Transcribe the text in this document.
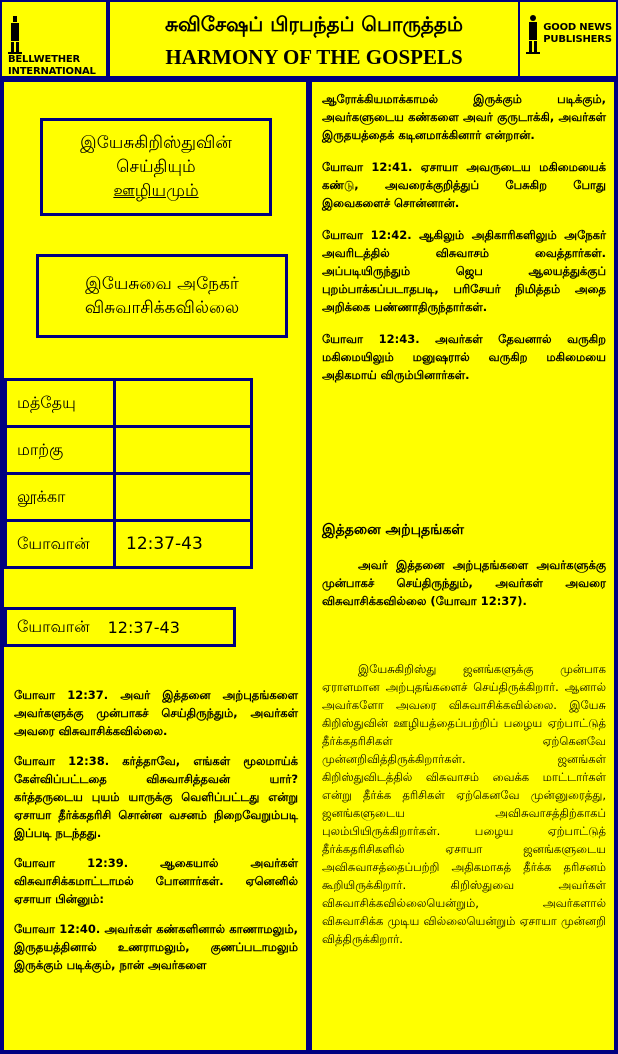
BELLWETHER
INTERNATIONAL
சுவிசேஷப் பிரபந்தப் பொருத்தம்
HARMONY OF THE GOSPELS
GOOD NEWS
PUBLISHERS
இயேசுகிறிஸ்துவின்
செய்தியும்
ஊழியமும்
இயேசுவை அநேகர்
விசுவாசிக்கவில்லை
மத்தேயு	
மாற்கு	
லூக்கா	
யோவான்	12:37-43
யோவான் 12:37-43

யோவா 12:37. அவர் இத்தனை அற்புதங்களை அவர்களுக்கு முன்பாகச் செய்திருந்தும், அவர்கள் அவரை விசுவாசிக்கவில்லை.

யோவா 12:38. கர்த்தாவே, எங்கள் மூலமாய்க் கேள்விப்பட்டதை விசுவாசித்தவன் யார்? கர்த்தருடைய புயம் யாருக்கு வெளிப்பட்டது என்று ஏசாயா தீர்க்கதரிசி சொன்ன வசனம் நிறைவேறும்படி இப்படி நடந்தது.

யோவா 12:39. ஆகையால் அவர்கள் விசுவாசிக்கமாட்டாமல் போனார்கள். ஏனெனில் ஏசாயா பின்னும்:

யோவா 12:40. அவர்கள் கண்களினால் காணாமலும், இருதயத்தினால் உணராமலும், குணப்படாமலும் இருக்கும் படிக்கும், நான் அவர்களை

ஆரோக்கியமாக்காமல் இருக்கும் படிக்கும், அவர்களுடைய கண்களை அவர் குருடாக்கி, அவர்கள் இருதயத்தைக் கடினமாக்கினார் என்றான்.

யோவா 12:41. ஏசாயா அவருடைய மகிமையைக் கண்டு, அவரைக்குறித்துப் பேசுகிற போது இவைகளைச் சொன்னான்.

யோவா 12:42. ஆகிலும் அதிகாரிகளிலும் அநேகர் அவரிடத்தில் விசுவாசம் வைத்தார்கள். அப்படியிருந்தும் ஜெப ஆலயத்துக்குப் புறம்பாக்கப்படாதபடி, பரிசேயர் நிமித்தம் அதை அறிக்கை பண்ணாதிருந்தார்கள்.

யோவா 12:43. அவர்கள் தேவனால் வருகிற மகிமையிலும் மனுஷரால் வருகிற மகிமையை அதிகமாய் விரும்பினார்கள்.

இத்தனை அற்புதங்கள்
அவர் இத்தனை அற்புதங்களை அவர்களுக்கு முன்பாகச் செய்திருந்தும், அவர்கள் அவரை விசுவாசிக்கவில்லை (யோவா 12:37).
இயேசுகிறிஸ்து ஜனங்களுக்கு முன்பாக ஏராளமான அற்புதங்களைச் செய்திருக்கிறார். ஆனால் அவர்களோ அவரை விசுவாசிக்கவில்லை. இயேசு கிறிஸ்துவின் ஊழியத்தைப்பற்றிப் பழைய ஏற்பாட்டுத் தீர்க்கதரிசிகள் ஏற்கெனவே முன்னறிவித்திருக்கிறார்கள். ஜனங்கள் கிறிஸ்துவிடத்தில் விசுவாசம் வைக்க மாட்டார்கள் என்று தீர்க்க தரிசிகள் ஏற்கெனவே முன்னுரைத்து, ஜனங்களுடைய அவிசுவாசத்திற்காகப் புலம்பியிருக்கிறார்கள். பழைய ஏற்பாட்டுத் தீர்க்கதரிசிகளில் ஏசாயா ஜனங்களுடைய அவிசுவாசத்தைப்பற்றி அதிகமாகத் தீர்க்க தரிசனம் கூறியிருக்கிறார். கிறிஸ்துவை அவர்கள் விசுவாசிக்கவில்லையென்றும், அவர்களால் விசுவாசிக்க முடிய வில்லையென்றும் ஏசாயா முன்னறி வித்திருக்கிறார்.
